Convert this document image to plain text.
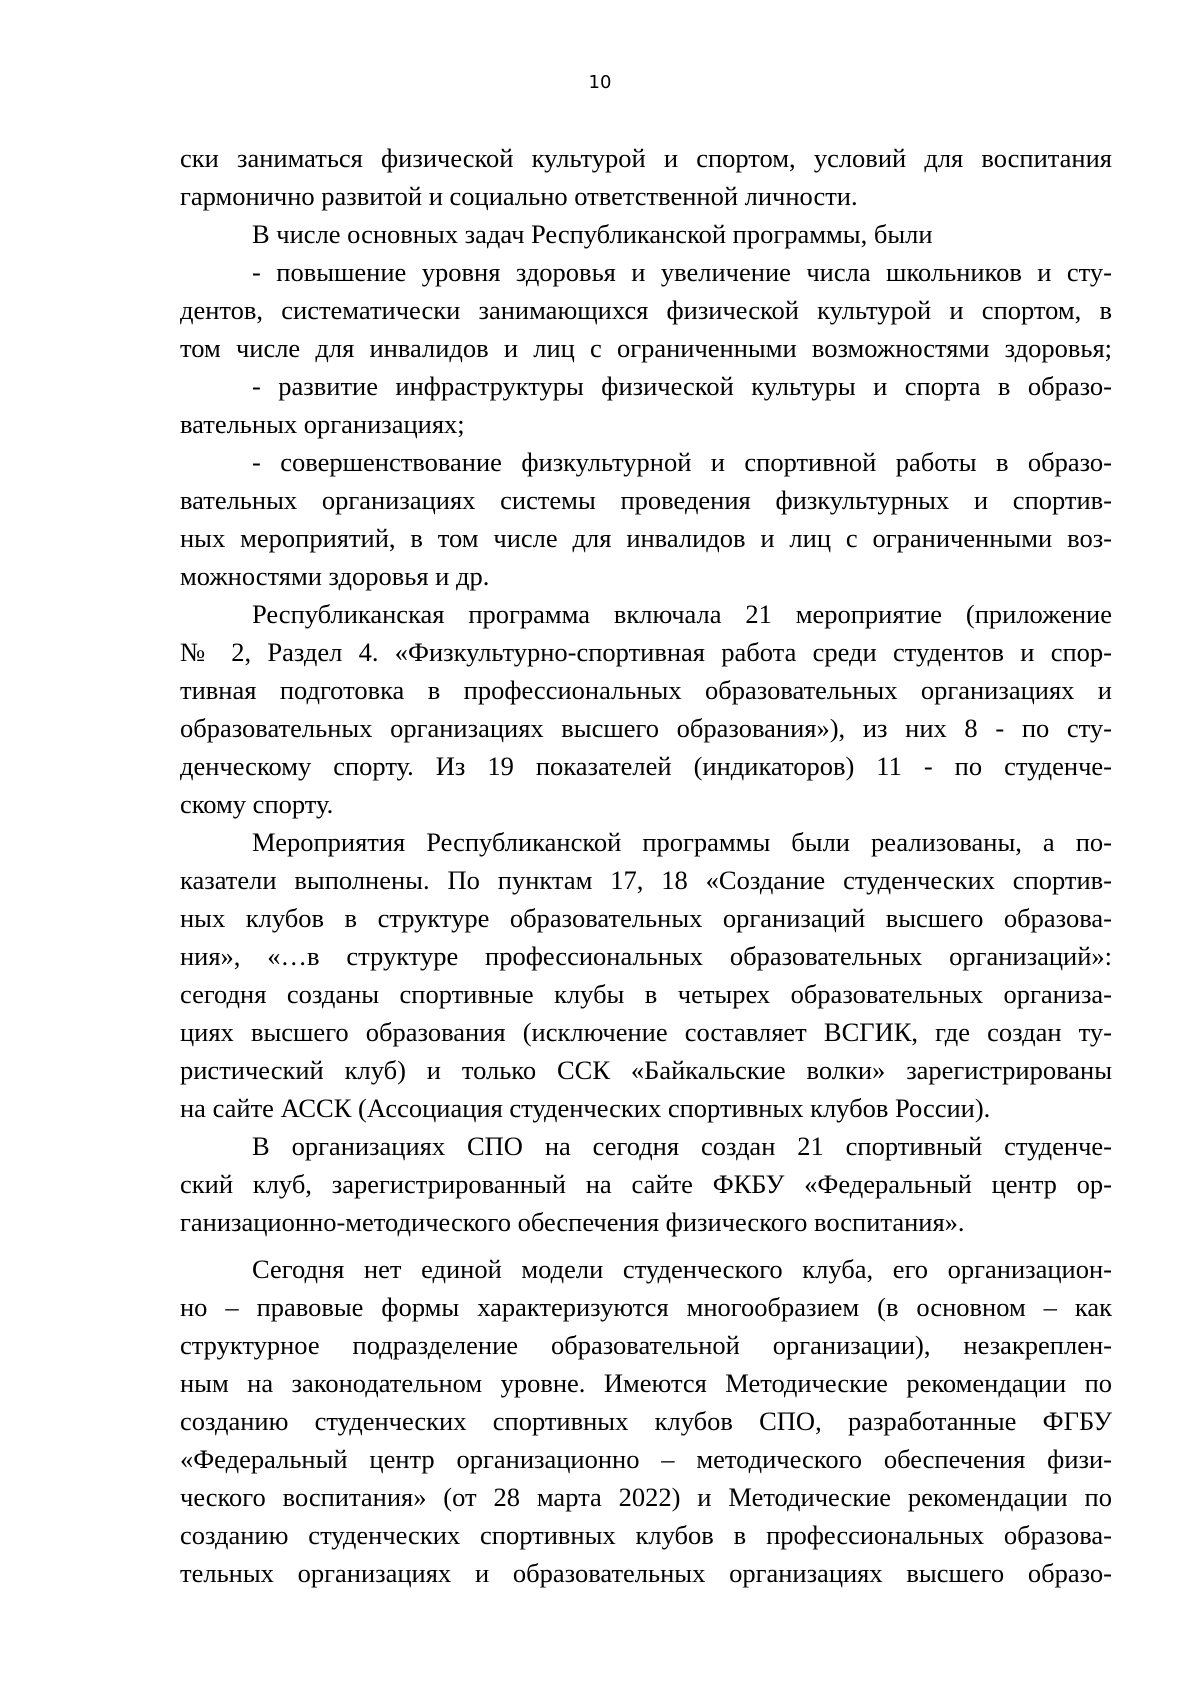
10
ски заниматься физической культурой и спортом, условий для воспитания
гармонично развитой и социально ответственной личности.
В числе основных задач Республиканской программы, были
- повышение уровня здоровья и увеличение числа школьников и сту-
дентов, систематически занимающихся физической культурой и спортом, в
том числе для инвалидов и лиц с ограниченными возможностями здоровья;
- развитие инфраструктуры физической культуры и спорта в образо-
вательных организациях;
- совершенствование физкультурной и спортивной работы в образо-
вательных организациях системы проведения физкультурных и спортив-
ных мероприятий, в том числе для инвалидов и лиц с ограниченными воз-
можностями здоровья и др.
Республиканская программа включала 21 мероприятие (приложение
№ 2, Раздел 4. «Физкультурно-спортивная работа среди студентов и спор-
тивная подготовка в профессиональных образовательных организациях и
образовательных организациях высшего образования»), из них 8 - по сту-
денческому спорту. Из 19 показателей (индикаторов) 11 - по студенче-
скому спорту.
Мероприятия Республиканской программы были реализованы, а по-
казатели выполнены. По пунктам 17, 18 «Создание студенческих спортив-
ных клубов в структуре образовательных организаций высшего образова-
ния», «…в структуре профессиональных образовательных организаций»:
сегодня созданы спортивные клубы в четырех образовательных организа-
циях высшего образования (исключение составляет ВСГИК, где создан ту-
ристический клуб) и только ССК «Байкальские волки» зарегистрированы
на сайте АССК (Ассоциация студенческих спортивных клубов России).
В организациях СПО на сегодня создан 21 спортивный студенче-
ский клуб, зарегистрированный на сайте ФКБУ «Федеральный центр ор-
ганизационно-методического обеспечения физического воспитания».
Сегодня нет единой модели студенческого клуба, его организацион-
но – правовые формы характеризуются многообразием (в основном – как
структурное подразделение образовательной организации), незакреплен-
ным на законодательном уровне. Имеются Методические рекомендации по
созданию студенческих спортивных клубов СПО, разработанные ФГБУ
«Федеральный центр организационно – методического обеспечения физи-
ческого воспитания» (от 28 марта 2022) и Методические рекомендации по
созданию студенческих спортивных клубов в профессиональных образова-
тельных организациях и образовательных организациях высшего образо-
